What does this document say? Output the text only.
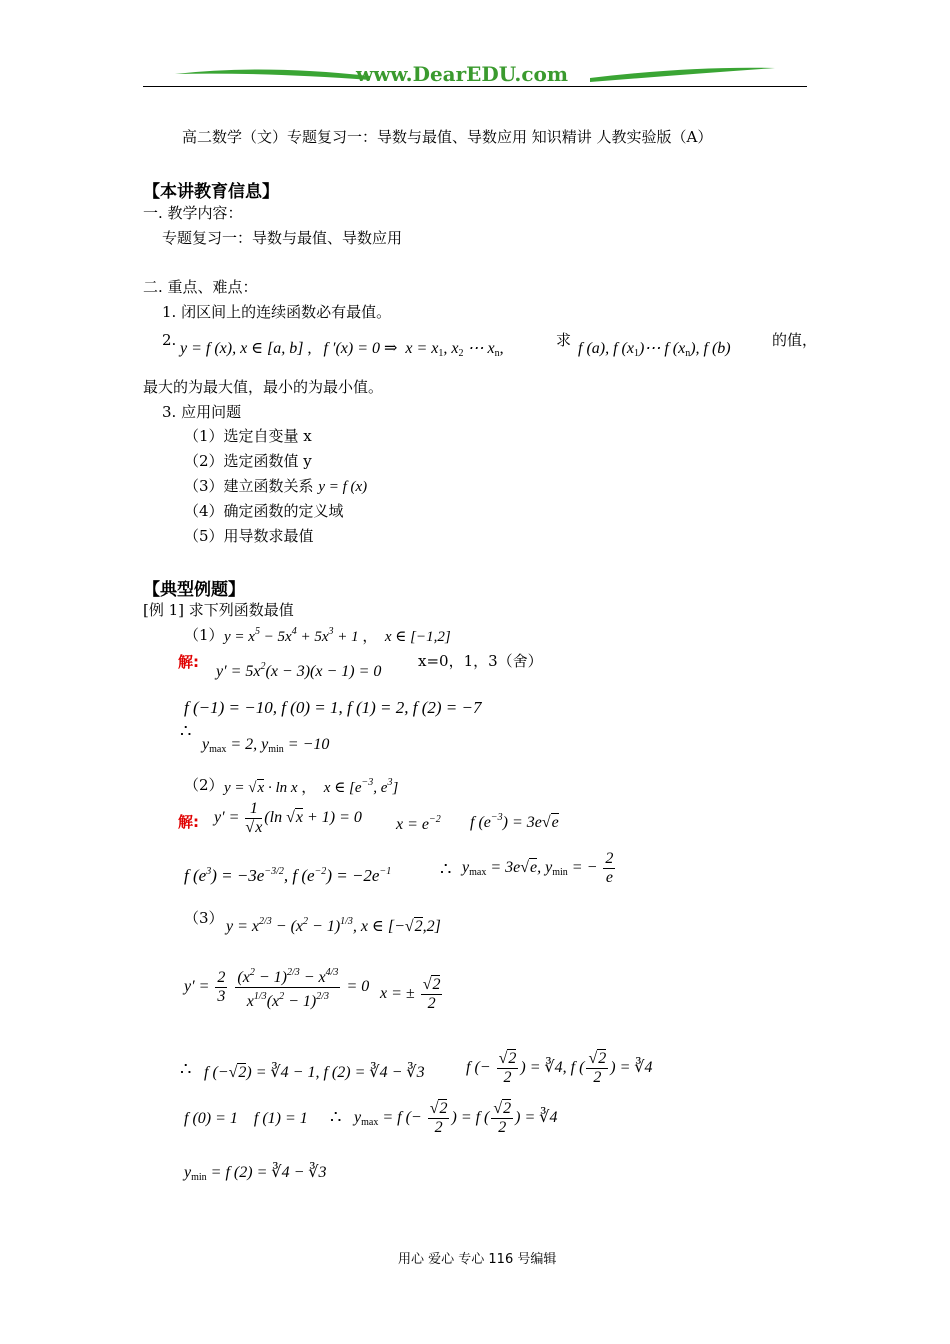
www.DearEDU.com
高二数学（文）专题复习一：导数与最值、导数应用 知识精讲 人教实验版（A）
【本讲教育信息】
一. 教学内容：
专题复习一：导数与最值、导数应用
二. 重点、难点：
1. 闭区间上的连续函数必有最值。
2. y = f (x), x ∈ [a, b] ,   f ′(x) = 0 ⇒  $x = x_1$, $x_2$ ⋯ $x_n$,	求 f (a), f $(x_1)\cdots$ f $(x_n)$, f (b)	的值，
最大的为最大值，最小的为最小值。
3. 应用问题
（1）选定自变量 x
（2）选定函数值 y
（3）建立函数关系 y = f (x)
（4）确定函数的定义域
（5）用导数求最值
【典型例题】
[例 1] 求下列函数最值
（1） $y = x^5 - 5x^4 + 5x^3 + 1$ ，  x ∈ [−1,2]
解:
$y' = 5x^2(x - 3)(x - 1) = 0$
x=0，1，3（舍）
f (−1) = −10, f (0) = 1, f (1) = 2, f (2) = −7
∴
$y_{max} = 2$, $y_{min} = -10$
（2） y = √x · ln x ，  x ∈ [$e^{-3}$, $e^3$]
解: $y' = \frac{1}{√x} (\ln$ √x + 1) = 0 $x = e^{-2}$ f $(e^{-3}) = 3e√e$
f $(e^3) = -3e^{-3/2}$, f $(e^{-2}) = -2e^{-1}$	∴ $y_{max} = 3e√e$, $y_{min}$ = − $\frac{2}{e}$
（3） $y = x^{2/3} - (x^2 - 1)^{1/3}$, x ∈ [−√2,2]
$y' = \frac{2}{3}$
$\frac{(x^2 - 1)^{2/3} - x^{4/3}}{x^{1/3}(x^2 - 1)^{2/3}} = 0$ x = ± $\frac{√2}{2}$
∴ f (−√2) = ∛4 − 1, f (2) = ∛4 − ∛3	f (− $\frac{√2}{2}$ ) = ∛4, f ( $\frac{√2}{2}$ ) = ∛4
f (0) = 1    f (1) = 1 ∴ $y_{max} = f$ (− $\frac{√2}{2}$ ) = f ( $\frac{√2}{2}$ ) = ∛4
$y_{min} = f$ (2) = ∛4 − ∛3
用心 爱心 专心 116 号编辑
